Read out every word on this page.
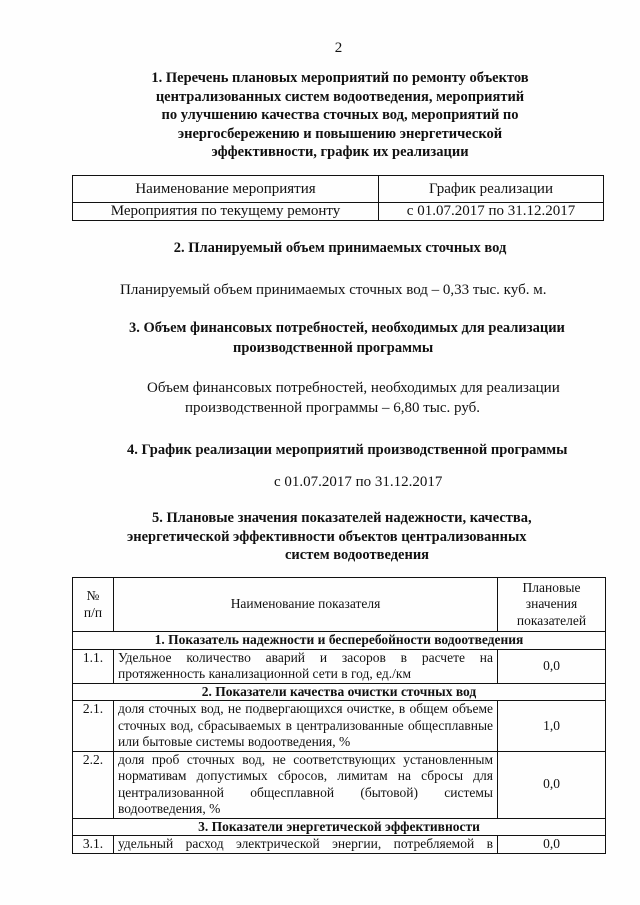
2
1. Перечень плановых мероприятий по ремонту объектов
централизованных систем водоотведения, мероприятий
по улучшению качества сточных вод, мероприятий по
энергосбережению и повышению энергетической
эффективности, график их реализации
Наименование мероприятия	График реализации
Мероприятия по текущему ремонту	с 01.07.2017 по 31.12.2017
2. Планируемый объем принимаемых сточных вод
Планируемый объем принимаемых сточных вод – 0,33 тыс. куб. м.
3. Объем финансовых потребностей, необходимых для реализации
производственной программы
Объем финансовых потребностей, необходимых для реализации
производственной программы – 6,80 тыс. руб.
4. График реализации мероприятий производственной программы
с 01.07.2017 по 31.12.2017
5. Плановые значения показателей надежности, качества,
энергетической эффективности объектов централизованных
систем водоотведения
№ п/п	Наименование показателя	Плановые значения показателей
1. Показатель надежности и бесперебойности водоотведения		
1.1.	Удельное количество аварий и засоров в расчете на протяженность канализационной сети в год, ед./км	0,0
2. Показатели качества очистки сточных вод		
2.1.	доля сточных вод, не подвергающихся очистке, в общем объеме сточных вод, сбрасываемых в централизованные общесплавные или бытовые системы водоотведения, %	1,0
2.2.	доля проб сточных вод, не соответствующих установленным нормативам допустимых сбросов, лимитам на сбросы для централизованной общесплавной (бытовой) системы водоотведения, %	0,0
3. Показатели энергетической эффективности		
3.1.	удельный расход электрической энергии, потребляемой в	0,0
